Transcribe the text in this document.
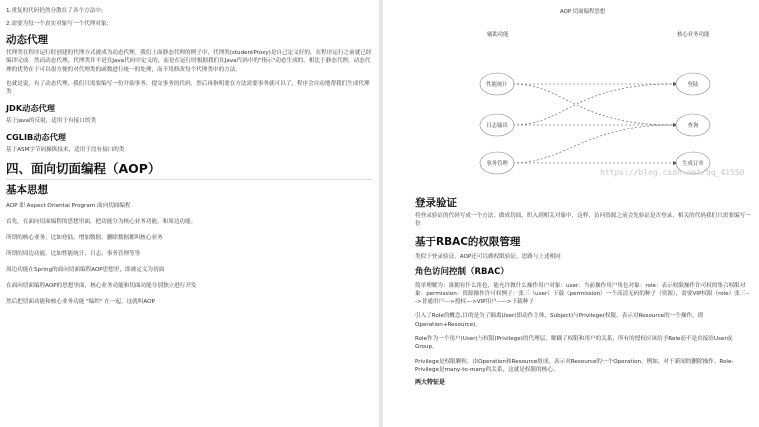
1.重复的代码仍然分散在了各个方法中;

2.需要为每一个真实对象写一个代理对象;

动态代理

代理类在程序运行时创建的代理方式被成为动态代理。我们上面静态代理的例子中，代理类(studentProxy)是自己定义好的，在程序运行之前就已经编译完成。然而动态代理，代理类并不是在Java代码中定义的，而是在运行时根据我们在Java代码中的"指示"动态生成的。相比于静态代理，动态代理的优势在于可以很方便的对代理类的函数进行统一的处理，而不用修改每个代理类中的方法。

也就是说，有了动态代理，我们只需要编写一份开始事务，提交事务的代码，然后再指明要在方法需要事务就可以了，程序会自动地帮我们生成代理类

JDK动态代理

基于java的反射，适用于有接口的类

CGLIB动态代理

基于ASM字节码操纵技术，适用于没有接口的类

四、面向切面编程（AOP）
基本思想

AOP 即 Aspect Oriental Program 面向切面编程

首先，在面向切面编程的思想里面，把功能分为核心业务功能，和周边功能。

所谓的核心业务，比如登陆，增加数据，删除数据都叫核心业务

所谓的周边功能，比如性能统计，日志，事务管理等等

周边功能在Spring的面向切面编程AOP思想里，即被定义为切面

在面向切面编程AOP的思想里面，核心业务功能和切面功能分别独立进行开发

然后把切面功能和核心业务功能 "编织" 在一起，这就叫AOP

性能统计
日志输出
事务管理
登陆
查询
生成订单
AOP 切面编程思想
辅助功能	核心业务功能
https://blog.csdn.net/qq_41550
登录验证

将登录验证的代码写成一个方法，做成切面，织入到相关对象中，这样，访问资源之前会先验证是否登录，相关的代码我们只需要编写一份

基于RBAC的权限管理

类似于登录验证，AOP还可以做权限验证，思路与上述相同

角色访问控制（RBAC）

简单理解为：谁拥有什么角色，能允许做什么操作用户对象：user：当前操作用户角色对象：role：表示权限操作许可权的集合权限对象：permission：资源操作许可权例子：张三（user）下载（permission）一个高清无码的种子（资源），需要VIP权限（role）张三--->普通用户--->授权--->VIP用户----->下载种子

引入了Role的概念,目的是为了隔离User(即动作主体，Subject)与Privilege(权限，表示对Resource的一个操作，即Operation+Resource)。

Role作为一个用户(User)与权限(Privilege)的代理层，解耦了权限和用户的关系，所有的授权应该给予Role而不是直接给User或 Group。

Privilege是权限颗粒，由Operation和Resource组成，表示对Resource的一个Operation。例如，对于新闻的删除操作。Role-Privilege是many-to-many的关系，这就是权限的核心。

两大特征是
